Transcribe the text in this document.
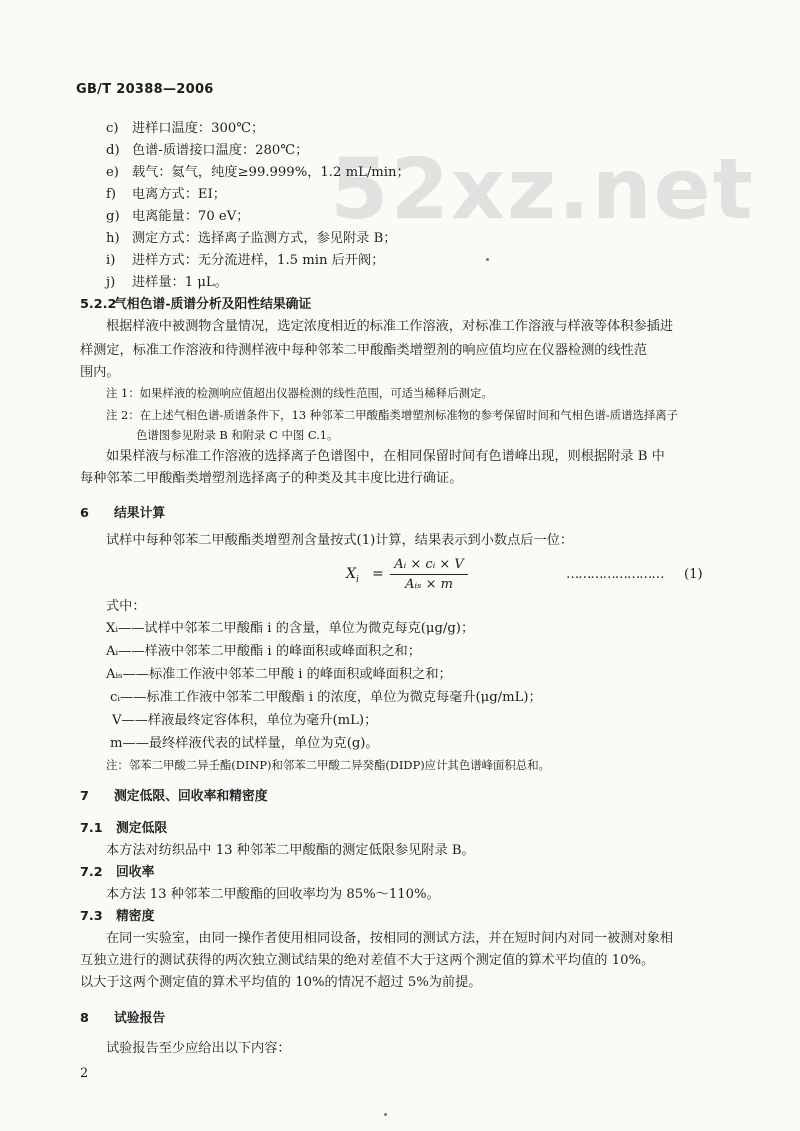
52xz.net
GB/T 20388—2006
c) 进样口温度：300℃；
d) 色谱-质谱接口温度：280℃；
e) 载气：氦气，纯度≥99.999%，1.2 mL/min；
f) 电离方式：EI；
g) 电离能量：70 eV；
h) 测定方式：选择离子监测方式，参见附录 B；
i) 进样方式：无分流进样，1.5 min 后开阀；
j) 进样量：1 μL。
5.2.2气相色谱-质谱分析及阳性结果确证
根据样液中被测物含量情况，选定浓度相近的标准工作溶液，对标准工作溶液与样液等体积参插进
样测定，标准工作溶液和待测样液中每种邻苯二甲酸酯类增塑剂的响应值均应在仪器检测的线性范
围内。
注 1：如果样液的检测响应值超出仪器检测的线性范围，可适当稀释后测定。
注 2：在上述气相色谱-质谱条件下，13 种邻苯二甲酸酯类增塑剂标准物的参考保留时间和气相色谱-质谱选择离子
色谱图参见附录 B 和附录 C 中图 C.1。
如果样液与标准工作溶液的选择离子色谱图中，在相同保留时间有色谱峰出现，则根据附录 B 中
每种邻苯二甲酸酯类增塑剂选择离子的种类及其丰度比进行确证。
6 结果计算
试样中每种邻苯二甲酸酯类增塑剂含量按式(1)计算，结果表示到小数点后一位：
$X_i$ =
Aᵢ × cᵢ × V
Aᵢₛ × m
…………………… (1)
式中：
Xᵢ——试样中邻苯二甲酸酯 i 的含量，单位为微克每克(μg/g)；
Aᵢ——样液中邻苯二甲酸酯 i 的峰面积或峰面积之和；
Aᵢₛ——标准工作液中邻苯二甲酸 i 的峰面积或峰面积之和；
cᵢ——标准工作液中邻苯二甲酸酯 i 的浓度，单位为微克每毫升(μg/mL)；
V——样液最终定容体积，单位为毫升(mL)；
m——最终样液代表的试样量，单位为克(g)。
注：邻苯二甲酸二异壬酯(DINP)和邻苯二甲酸二异癸酯(DIDP)应计其色谱峰面积总和。
7 测定低限、回收率和精密度
7.1 测定低限
本方法对纺织品中 13 种邻苯二甲酸酯的测定低限参见附录 B。
7.2 回收率
本方法 13 种邻苯二甲酸酯的回收率均为 85%～110%。
7.3 精密度
在同一实验室，由同一操作者使用相同设备，按相同的测试方法，并在短时间内对同一被测对象相
互独立进行的测试获得的两次独立测试结果的绝对差值不大于这两个测定值的算术平均值的 10%。
以大于这两个测定值的算术平均值的 10%的情况不超过 5%为前提。
8 试验报告
试验报告至少应给出以下内容：
2
